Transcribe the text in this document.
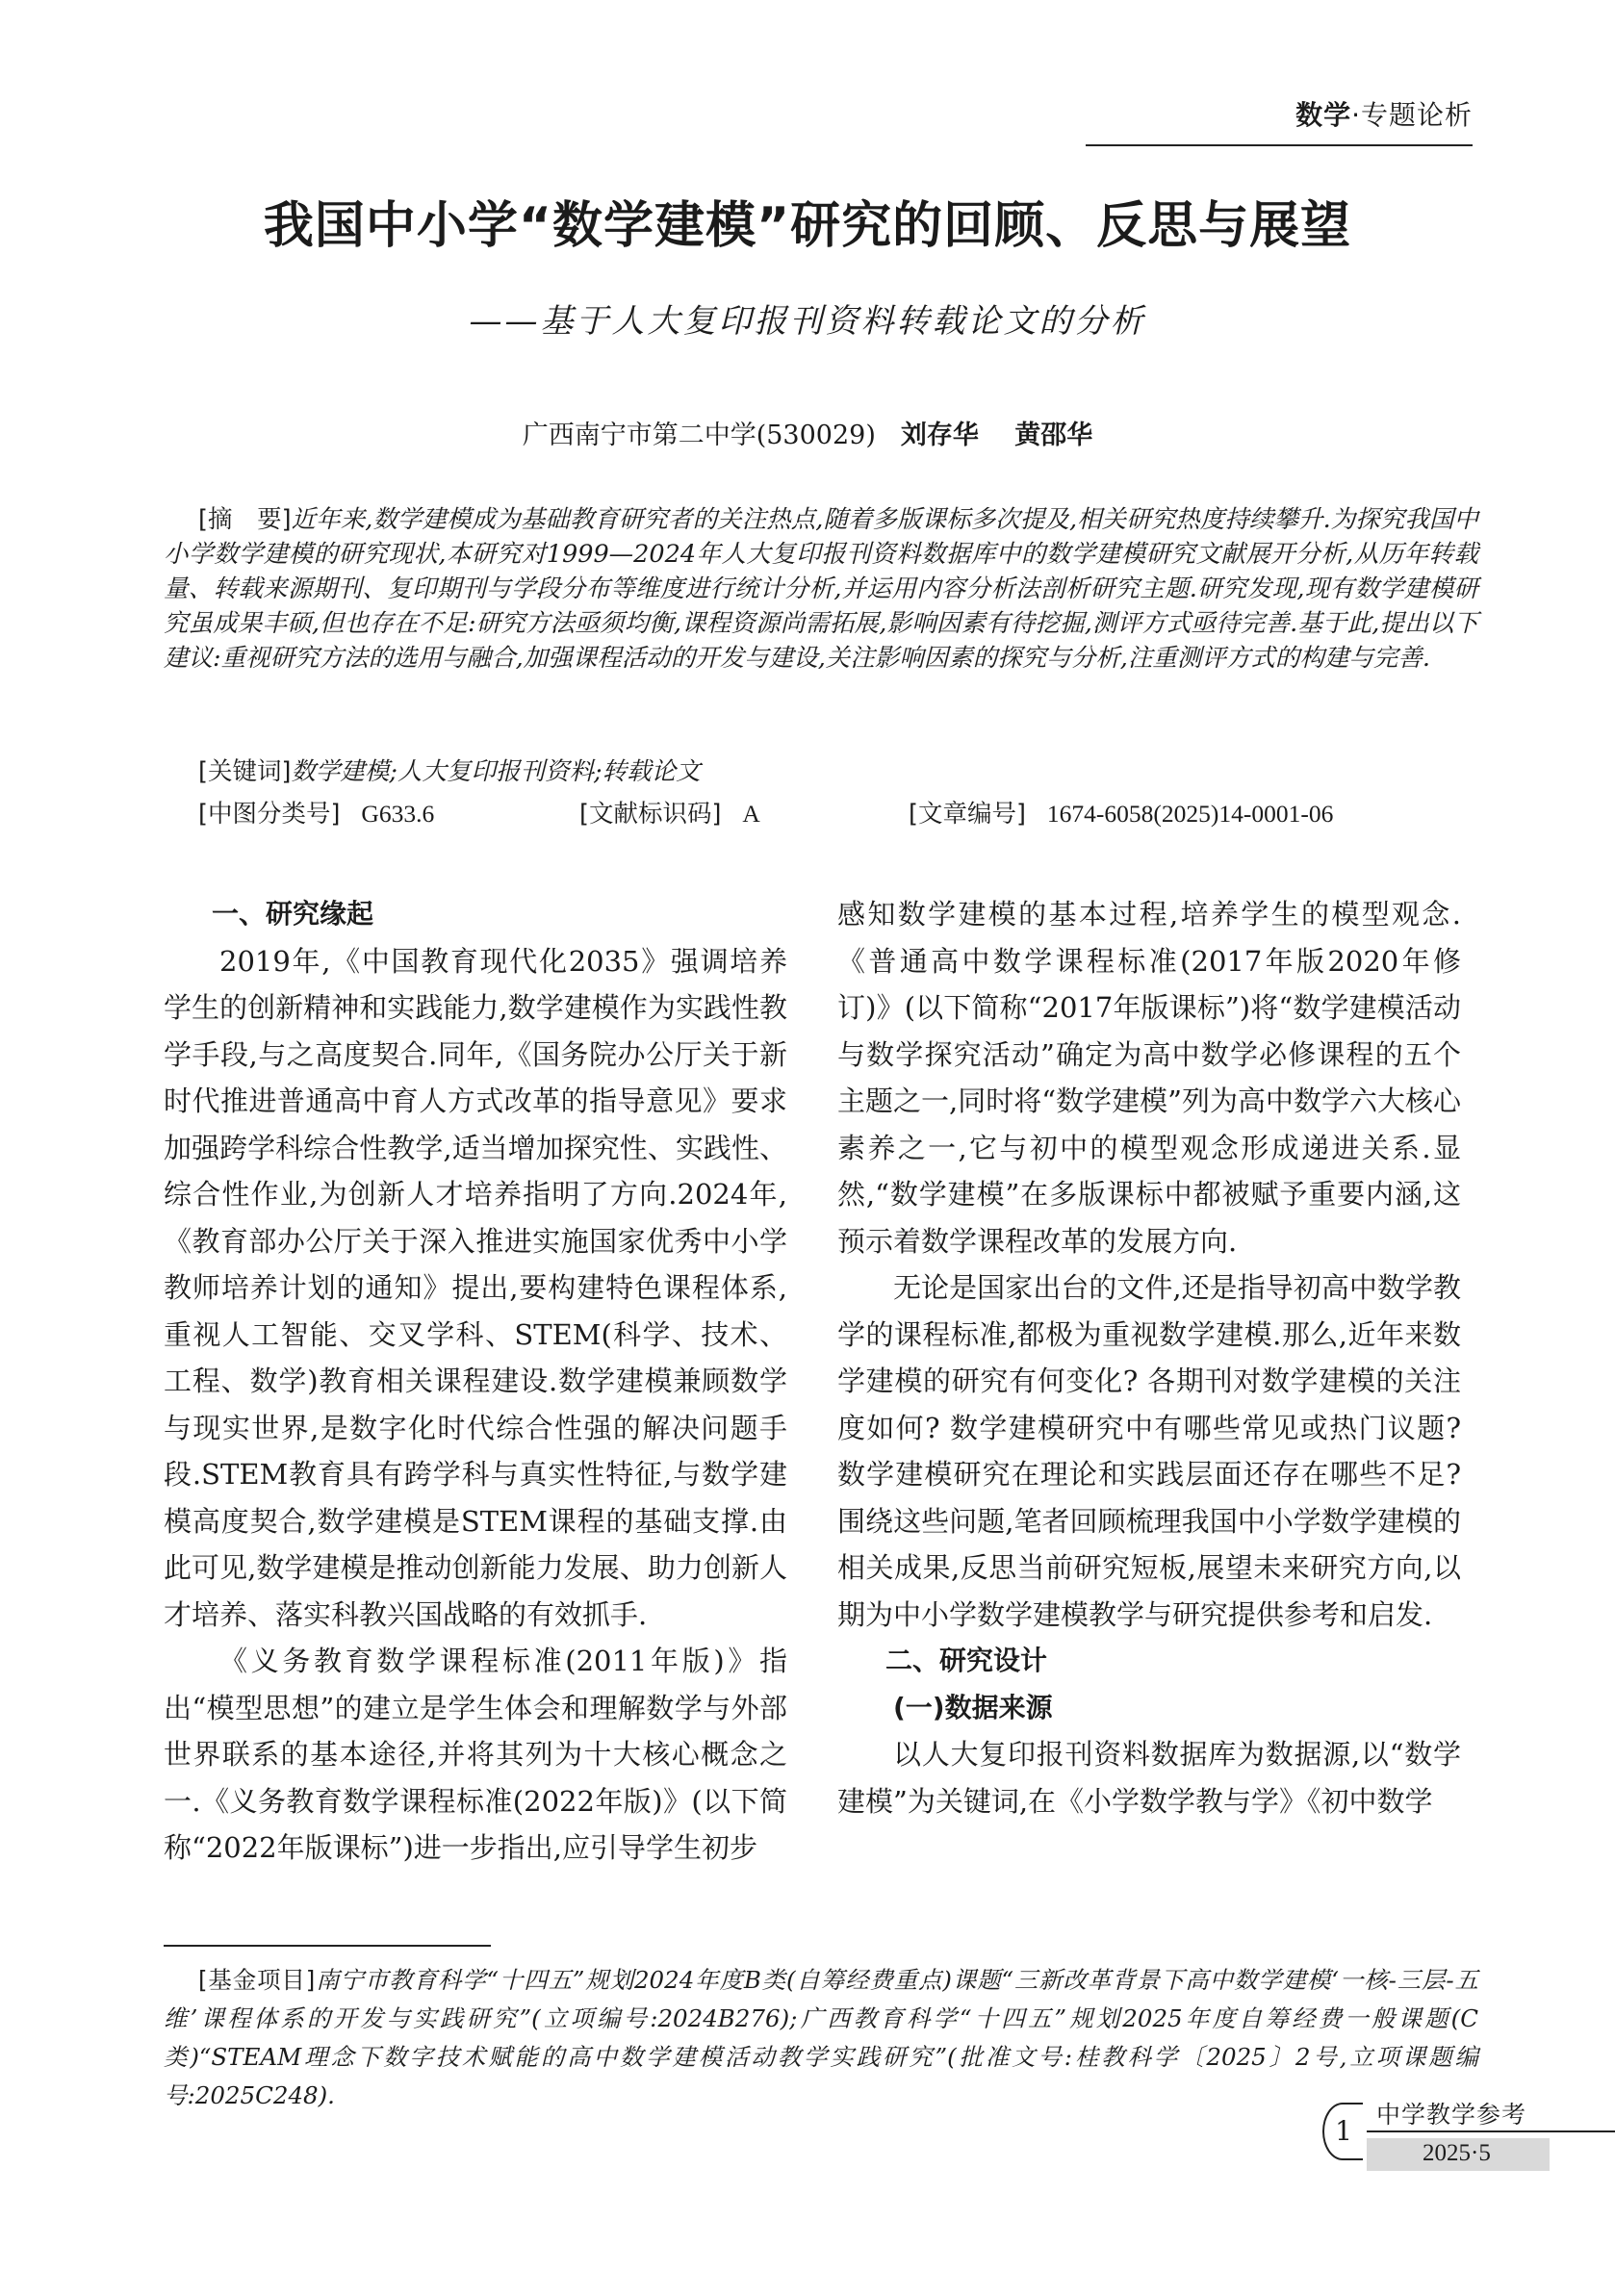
数学·专题论析
我国中小学“数学建模”研究的回顾、反思与展望
——基于人大复印报刊资料转载论文的分析
广西南宁市第二中学(530029) 刘存华 黄邵华

[摘　要]近年来,数学建模成为基础教育研究者的关注热点,随着多版课标多次提及,相关研究热度持续攀升.为探究我国中小学数学建模的研究现状,本研究对1999—2024年人大复印报刊资料数据库中的数学建模研究文献展开分析,从历年转载量、转载来源期刊、复印期刊与学段分布等维度进行统计分析,并运用内容分析法剖析研究主题.研究发现,现有数学建模研究虽成果丰硕,但也存在不足:研究方法亟须均衡,课程资源尚需拓展,影响因素有待挖掘,测评方式亟待完善.基于此,提出以下建议:重视研究方法的选用与融合,加强课程活动的开发与建设,关注影响因素的探究与分析,注重测评方式的构建与完善.

[关键词]数学建模;人大复印报刊资料;转载论文
[中图分类号] G633.6	[文献标识码] A	[文章编号] 1674-6058(2025)14-0001-06

一、研究缘起

2019年,《中国教育现代化2035》强调培养学生的创新精神和实践能力,数学建模作为实践性教学手段,与之高度契合.同年,《国务院办公厅关于新时代推进普通高中育人方式改革的指导意见》要求加强跨学科综合性教学,适当增加探究性、实践性、综合性作业,为创新人才培养指明了方向.2024年,《教育部办公厅关于深入推进实施国家优秀中小学教师培养计划的通知》提出,要构建特色课程体系,重视人工智能、交叉学科、STEM(科学、技术、工程、数学)教育相关课程建设.数学建模兼顾数学与现实世界,是数字化时代综合性强的解决问题手段.STEM教育具有跨学科与真实性特征,与数学建模高度契合,数学建模是STEM课程的基础支撑.由此可见,数学建模是推动创新能力发展、助力创新人才培养、落实科教兴国战略的有效抓手.

《义务教育数学课程标准(2011年版)》指出“模型思想”的建立是学生体会和理解数学与外部世界联系的基本途径,并将其列为十大核心概念之一.《义务教育数学课程标准(2022年版)》(以下简称“2022年版课标”)进一步指出,应引导学生初步

感知数学建模的基本过程,培养学生的模型观念.《普通高中数学课程标准(2017年版2020年修订)》(以下简称“2017年版课标”)将“数学建模活动与数学探究活动”确定为高中数学必修课程的五个主题之一,同时将“数学建模”列为高中数学六大核心素养之一,它与初中的模型观念形成递进关系.显然,“数学建模”在多版课标中都被赋予重要内涵,这预示着数学课程改革的发展方向.

无论是国家出台的文件,还是指导初高中数学教学的课程标准,都极为重视数学建模.那么,近年来数学建模的研究有何变化? 各期刊对数学建模的关注度如何? 数学建模研究中有哪些常见或热门议题? 数学建模研究在理论和实践层面还存在哪些不足? 围绕这些问题,笔者回顾梳理我国中小学数学建模的相关成果,反思当前研究短板,展望未来研究方向,以期为中小学数学建模教学与研究提供参考和启发.

二、研究设计

(一)数据来源

以人大复印报刊资料数据库为数据源,以“数学建模”为关键词,在《小学数学教与学》《初中数学

[基金项目]南宁市教育科学“十四五”规划2024年度B类(自筹经费重点)课题“三新改革背景下高中数学建模‘一核-三层-五维’课程体系的开发与实践研究”(立项编号:2024B276);广西教育科学“十四五”规划2025年度自筹经费一般课题(C类)“STEAM理念下数字技术赋能的高中数学建模活动教学实践研究”(批准文号:桂教科学〔2025〕2号,立项课题编号:2025C248).

1
中学教学参考
2025·5
